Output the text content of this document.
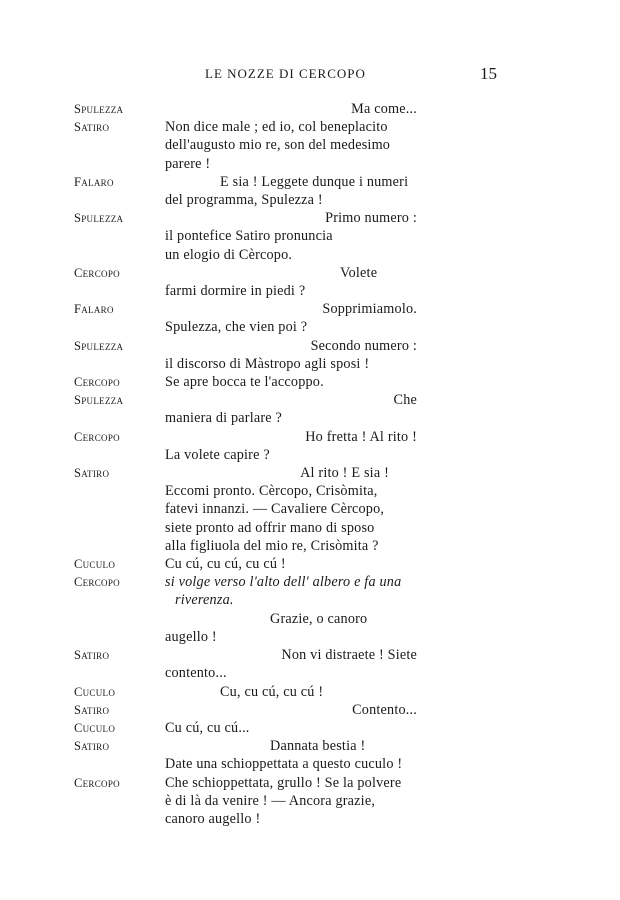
LE NOZZE DI CERCOPO	15
Spulezza	Ma come...
Satiro	Non dice male ; ed io, col beneplacito
dell'augusto mio re, son del medesimo
parere !
Falaro	E sia ! Leggete dunque i numeri
del programma, Spulezza !
Spulezza	Primo numero :
il pontefice Satiro pronuncia
un elogio di Cèrcopo.
Cercopo	Volete
farmi dormire in piedi ?
Falaro	Sopprimiamolo.
Spulezza, che vien poi ?
Spulezza	Secondo numero :
il discorso di Màstropo agli sposi !
Cercopo	Se apre bocca te l'accoppo.
Spulezza	Che
maniera di parlare ?
Cercopo	Ho fretta ! Al rito !
La volete capire ?
Satiro	Al rito ! E sia !
Eccomi pronto. Cèrcopo, Crisòmita,
fatevi innanzi. — Cavaliere Cèrcopo,
siete pronto ad offrir mano di sposo
alla figliuola del mio re, Crisòmita ?
Cuculo	Cu cú, cu cú, cu cú !
Cercopo	si volge verso l'alto dell' albero e fa una
riverenza.
Grazie, o canoro
augello !
Satiro	Non vi distraete ! Siete
contento...
Cuculo	Cu, cu cú, cu cú !
Satiro	Contento...
Cuculo	Cu cú, cu cú...
Satiro	Dannata bestia !
Date una schioppettata a questo cuculo !
Cercopo	Che schioppettata, grullo ! Se la polvere
è di là da venire ! — Ancora grazie,
canoro augello !
